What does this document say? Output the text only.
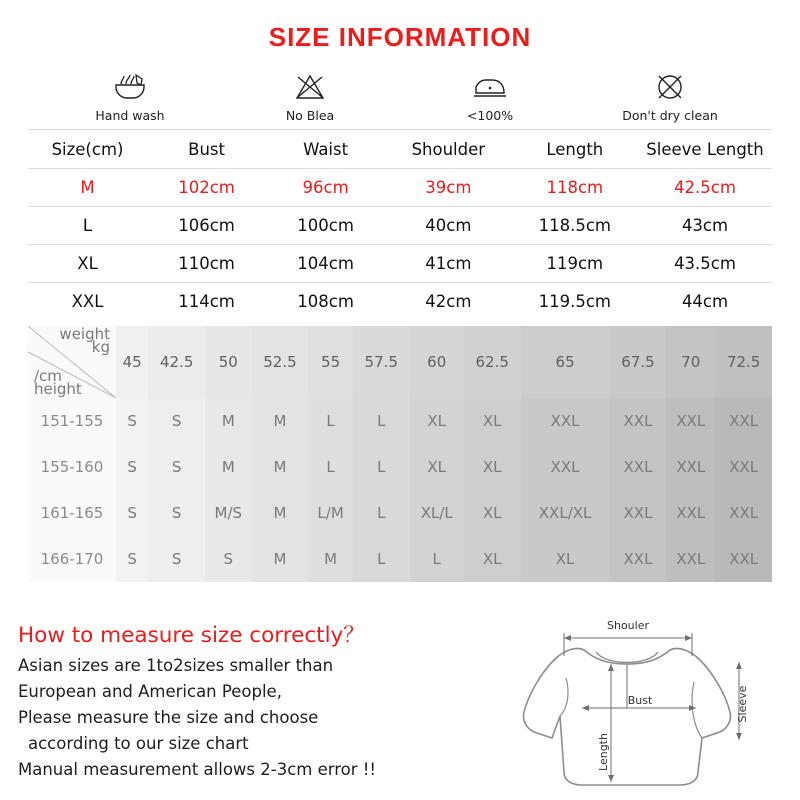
SIZE INFORMATION
Hand wash	No Blea	<100%	Don't dry clean
Size(cm)	Bust	Waist	Shoulder	Length	Sleeve Length
M	102cm	96cm	39cm	118cm	42.5cm
L	106cm	100cm	40cm	118.5cm	43cm
XL	110cm	104cm	41cm	119cm	43.5cm
XXL	114cm	108cm	42cm	119.5cm	44cm
weight
kg
/cm
height	45	42.5	50	52.5	55	57.5	60	62.5	65	67.5	70	72.5
151-155	S	S	M	M	L	L	XL	XL	XXL	XXL	XXL	XXL
155-160	S	S	M	M	L	L	XL	XL	XXL	XXL	XXL	XXL
161-165	S	S	M/S	M	L/M	L	XL/L	XL	XXL/XL	XXL	XXL	XXL
166-170	S	S	S	M	M	L	L	XL	XL	XXL	XXL	XXL
How to measure size correctly？

Asian sizes are 1to2sizes smaller than

European and American People,

Please measure the size and choose

according to our size chart

Manual measurement allows 2-3cm error !!

Shouler
Bust
Length
Sleeve
